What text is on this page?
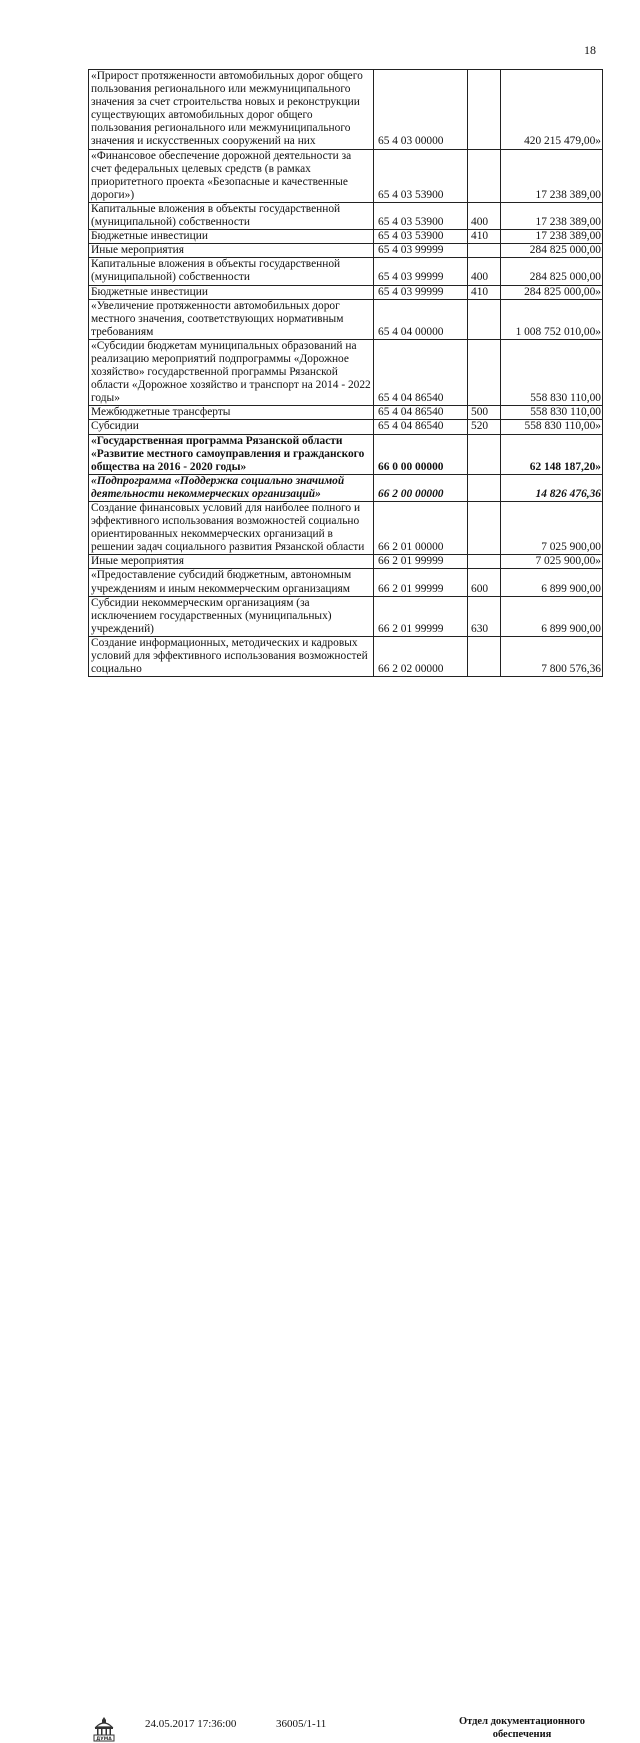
18
«Прирост протяженности автомобильных дорог общего пользования регионального или межмуниципального значения за счет строительства новых и реконструкции существующих автомобильных дорог общего пользования регионального или межмуниципального значения и искусственных сооружений на них	65 4 03 00000		420 215 479,00»
«Финансовое обеспечение дорожной деятельности за счет федеральных целевых средств (в рамках приоритетного проекта «Безопасные и качественные дороги»)	65 4 03 53900		17 238 389,00
Капитальные вложения в объекты государственной (муниципальной) собственности	65 4 03 53900	400	17 238 389,00
Бюджетные инвестиции	65 4 03 53900	410	17 238 389,00
Иные мероприятия	65 4 03 99999		284 825 000,00
Капитальные вложения в объекты государственной (муниципальной) собственности	65 4 03 99999	400	284 825 000,00
Бюджетные инвестиции	65 4 03 99999	410	284 825 000,00»
«Увеличение протяженности автомобильных дорог местного значения, соответствующих нормативным требованиям	65 4 04 00000		1 008 752 010,00»
«Субсидии бюджетам муниципальных образований на реализацию мероприятий подпрограммы «Дорожное хозяйство» государственной программы Рязанской области «Дорожное хозяйство и транспорт на 2014 - 2022 годы»	65 4 04 86540		558 830 110,00
Межбюджетные трансферты	65 4 04 86540	500	558 830 110,00
Субсидии	65 4 04 86540	520	558 830 110,00»
«Государственная программа Рязанской области «Развитие местного самоуправления и гражданского общества на 2016 - 2020 годы»	66 0 00 00000		62 148 187,20»
«Подпрограмма «Поддержка социально значимой деятельности некоммерческих организаций»	66 2 00 00000		14 826 476,36
Создание финансовых условий для наиболее полного и эффективного использования возможностей социально ориентированных некоммерческих организаций в решении задач социального развития Рязанской области	66 2 01 00000		7 025 900,00
Иные мероприятия	66 2 01 99999		7 025 900,00»
«Предоставление субсидий бюджетным, автономным учреждениям и иным некоммерческим организациям	66 2 01 99999	600	6 899 900,00
Субсидии некоммерческим организациям (за исключением государственных (муниципальных) учреждений)	66 2 01 99999	630	6 899 900,00
Создание информационных, методических и кадровых условий для эффективного использования возможностей социально	66 2 02 00000		7 800 576,36
ДУМА
24.05.2017 17:36:00	36005/1-11	Отдел документационного
обеспечения
